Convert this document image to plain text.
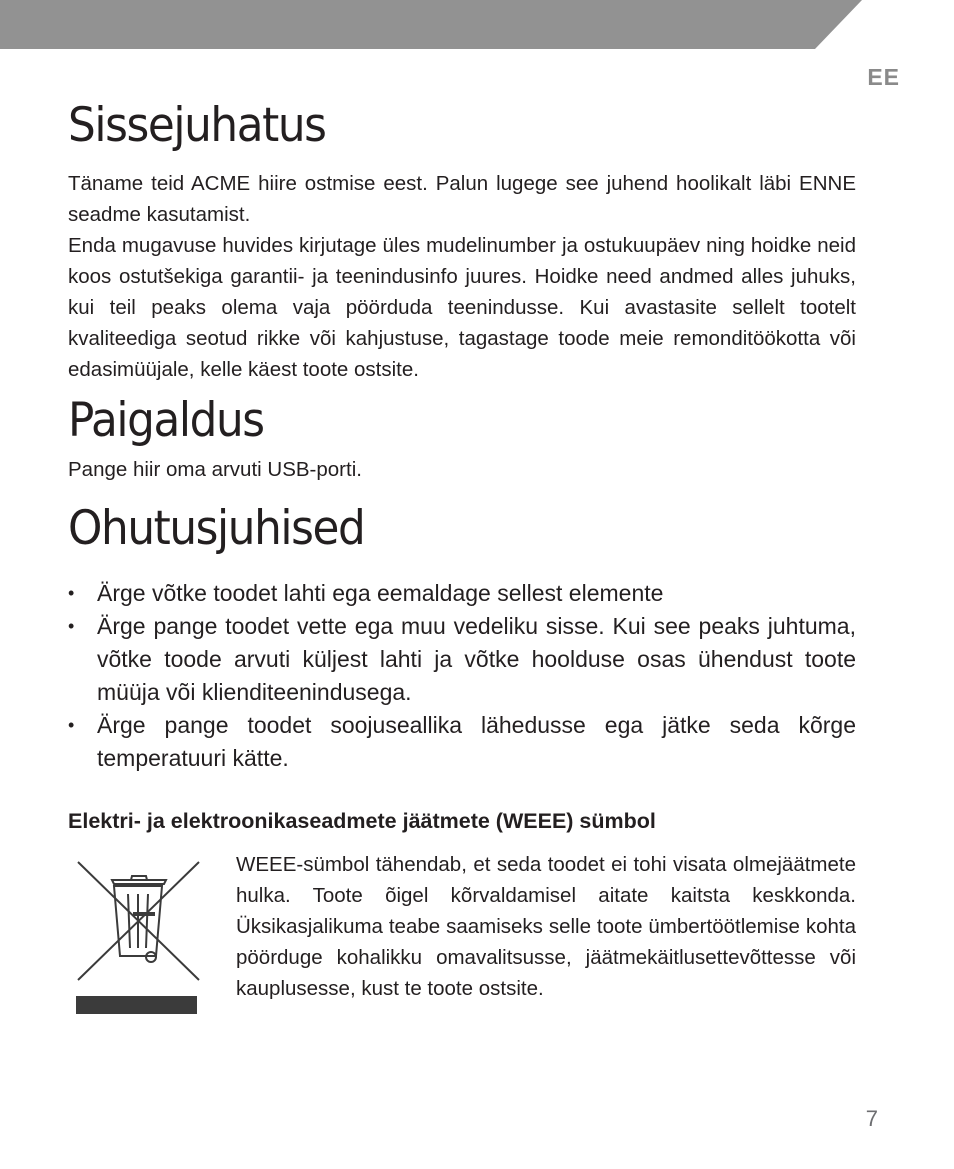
EE
Sissejuhatus

Täname teid ACME hiire ostmise eest. Palun lugege see juhend hoolikalt läbi ENNE seadme kasutamist.

Enda mugavuse huvides kirjutage üles mudelinumber ja ostukuupäev ning hoidke neid koos ostutšekiga garantii- ja teenindusinfo juures. Hoidke need andmed alles juhuks, kui teil peaks olema vaja pöörduda teenindusse. Kui avastasite sellelt tootelt kvaliteediga seotud rikke või kahjustuse, tagastage toode meie remonditöökotta või edasimüüjale, kelle käest toote ostsite.

Paigaldus

Pange hiir oma arvuti USB-porti.

Ohutusjuhised
• Ärge võtke toodet lahti ega eemaldage sellest elemente
• Ärge pange toodet vette ega muu vedeliku sisse. Kui see peaks juhtuma, võtke toode arvuti küljest lahti ja võtke hoolduse osas ühendust toote müüja või klienditeenindusega.
• Ärge pange toodet soojuseallika lähedusse ega jätke seda kõrge temperatuuri kätte.
Elektri- ja elektroonikaseadmete jäätmete (WEEE) sümbol

WEEE-sümbol tähendab, et seda toodet ei tohi visata olmejäätmete hulka. Toote õigel kõrvaldamisel aitate kaitsta keskkonda. Üksikasjalikuma teabe saamiseks selle toote ümbertöötlemise kohta pöörduge kohalikku omavalitsusse, jäätmekäitlusettevõttesse või kauplusesse, kust te toote ostsite.

7
